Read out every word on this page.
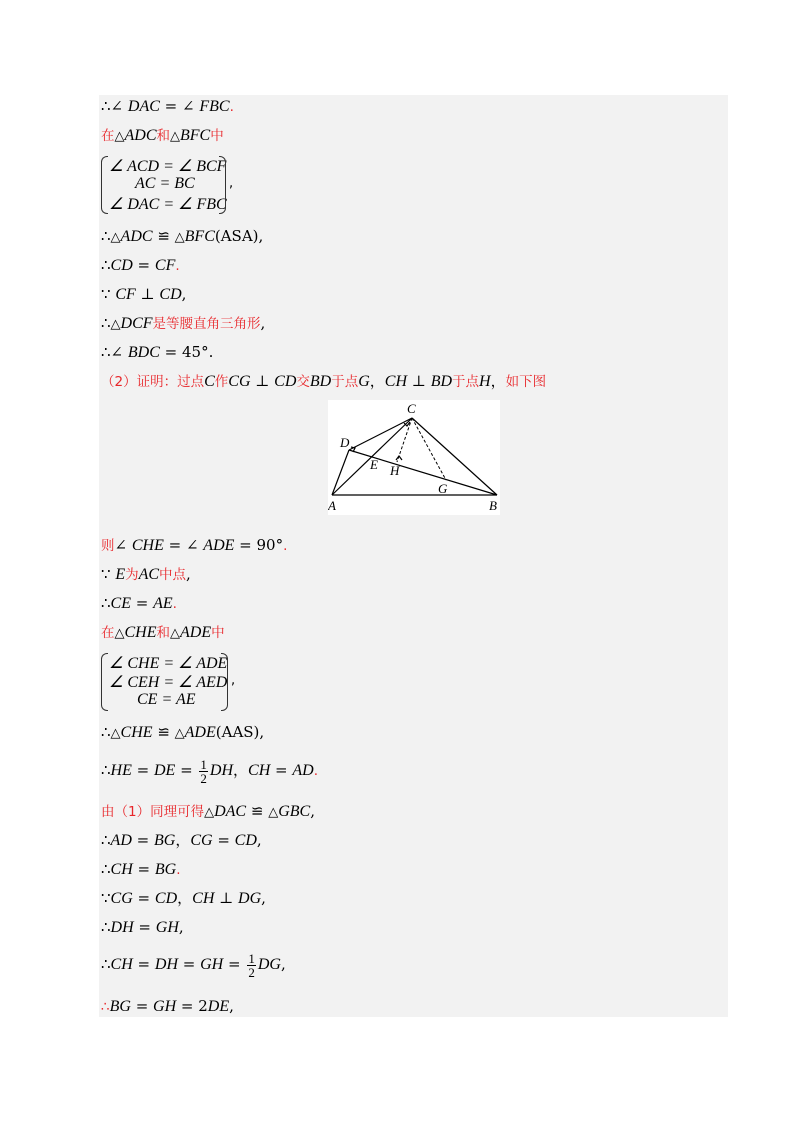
∴∠ DAC = ∠ FBC.
在△ADC和△BFC中
∠ ACD = ∠ BCF
AC = BC
∠ DAC = ∠ FBC
,
∴△ADC ≌ △BFC(ASA),
∴CD = CF.
∵ CF ⊥ CD,
∴△DCF是等腰直角三角形,
∴∠ BDC = 45°.
（2）证明：过点C作CG ⊥ CD交BD于点G，CH ⊥ BD于点H，如下图
C
D
E H
G
A	B
则∠ CHE = ∠ ADE = 90°.
∵ E为AC中点,
∴CE = AE.
在△CHE和△ADE中
∠ CHE = ∠ ADE
∠ CEH = ∠ AED
CE = AE
,
∴△CHE ≌ △ADE(AAS),
∴HE = DE = $\frac{1}{2}$ DH，CH = AD.
由（1）同理可得△DAC ≌ △GBC,
∴AD = BG，CG = CD,
∴CH = BG.
∵CG = CD，CH ⊥ DG,
∴DH = GH,
∴CH = DH = GH = $\frac{1}{2}$ DG,
∴BG = GH = 2DE,
